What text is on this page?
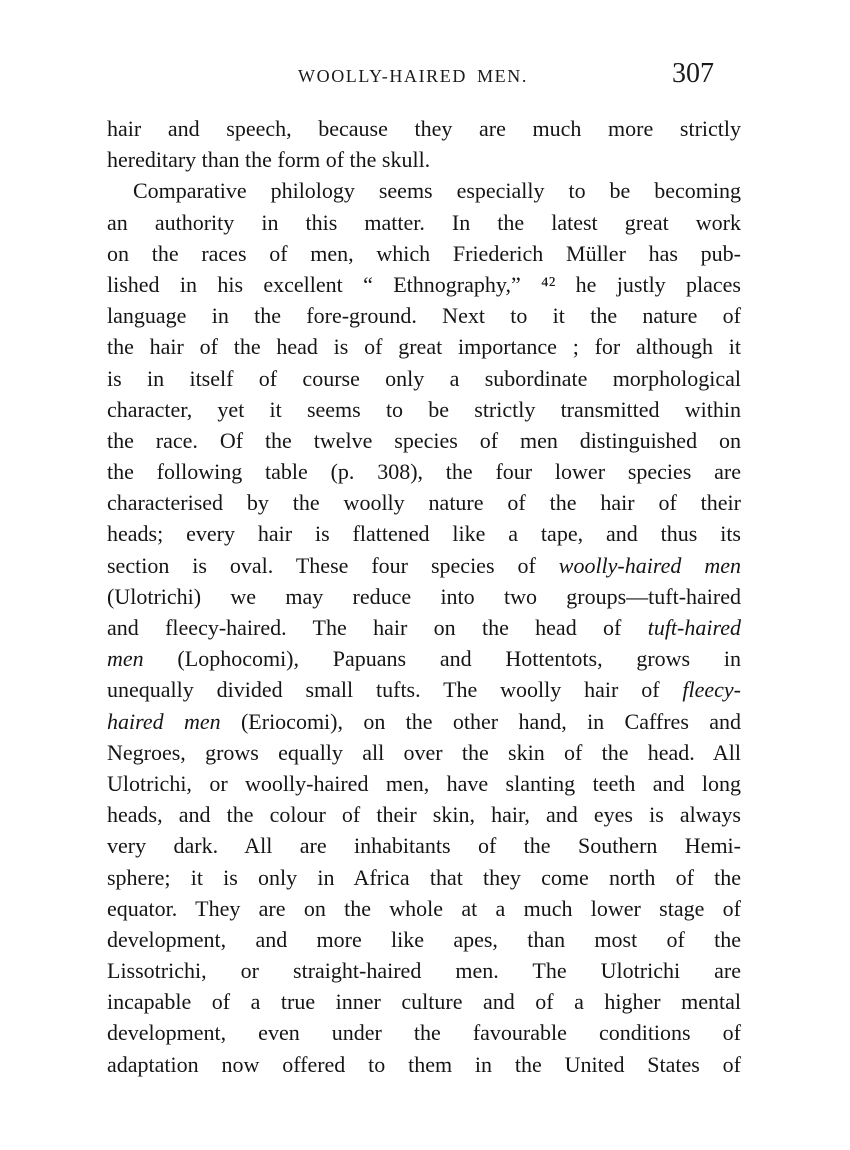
WOOLLY-HAIRED MEN.	307
hair and speech, because they are much more strictly
hereditary than the form of the skull.
Comparative philology seems especially to be becoming
an authority in this matter. In the latest great work
on the races of men, which Friederich Müller has pub-
lished in his excellent “ Ethnography,” ⁴² he justly places
language in the fore-ground. Next to it the nature of
the hair of the head is of great importance ; for although it
is in itself of course only a subordinate morphological
character, yet it seems to be strictly transmitted within
the race. Of the twelve species of men distinguished on
the following table (p. 308), the four lower species are
characterised by the woolly nature of the hair of their
heads; every hair is flattened like a tape, and thus its
section is oval. These four species of woolly-haired men
(Ulotrichi) we may reduce into two groups—tuft-haired
and fleecy-haired. The hair on the head of tuft-haired
men (Lophocomi), Papuans and Hottentots, grows in
unequally divided small tufts. The woolly hair of fleecy-
haired men (Eriocomi), on the other hand, in Caffres and
Negroes, grows equally all over the skin of the head. All
Ulotrichi, or woolly-haired men, have slanting teeth and long
heads, and the colour of their skin, hair, and eyes is always
very dark. All are inhabitants of the Southern Hemi-
sphere; it is only in Africa that they come north of the
equator. They are on the whole at a much lower stage of
development, and more like apes, than most of the
Lissotrichi, or straight-haired men. The Ulotrichi are
incapable of a true inner culture and of a higher mental
development, even under the favourable conditions of
adaptation now offered to them in the United States of
